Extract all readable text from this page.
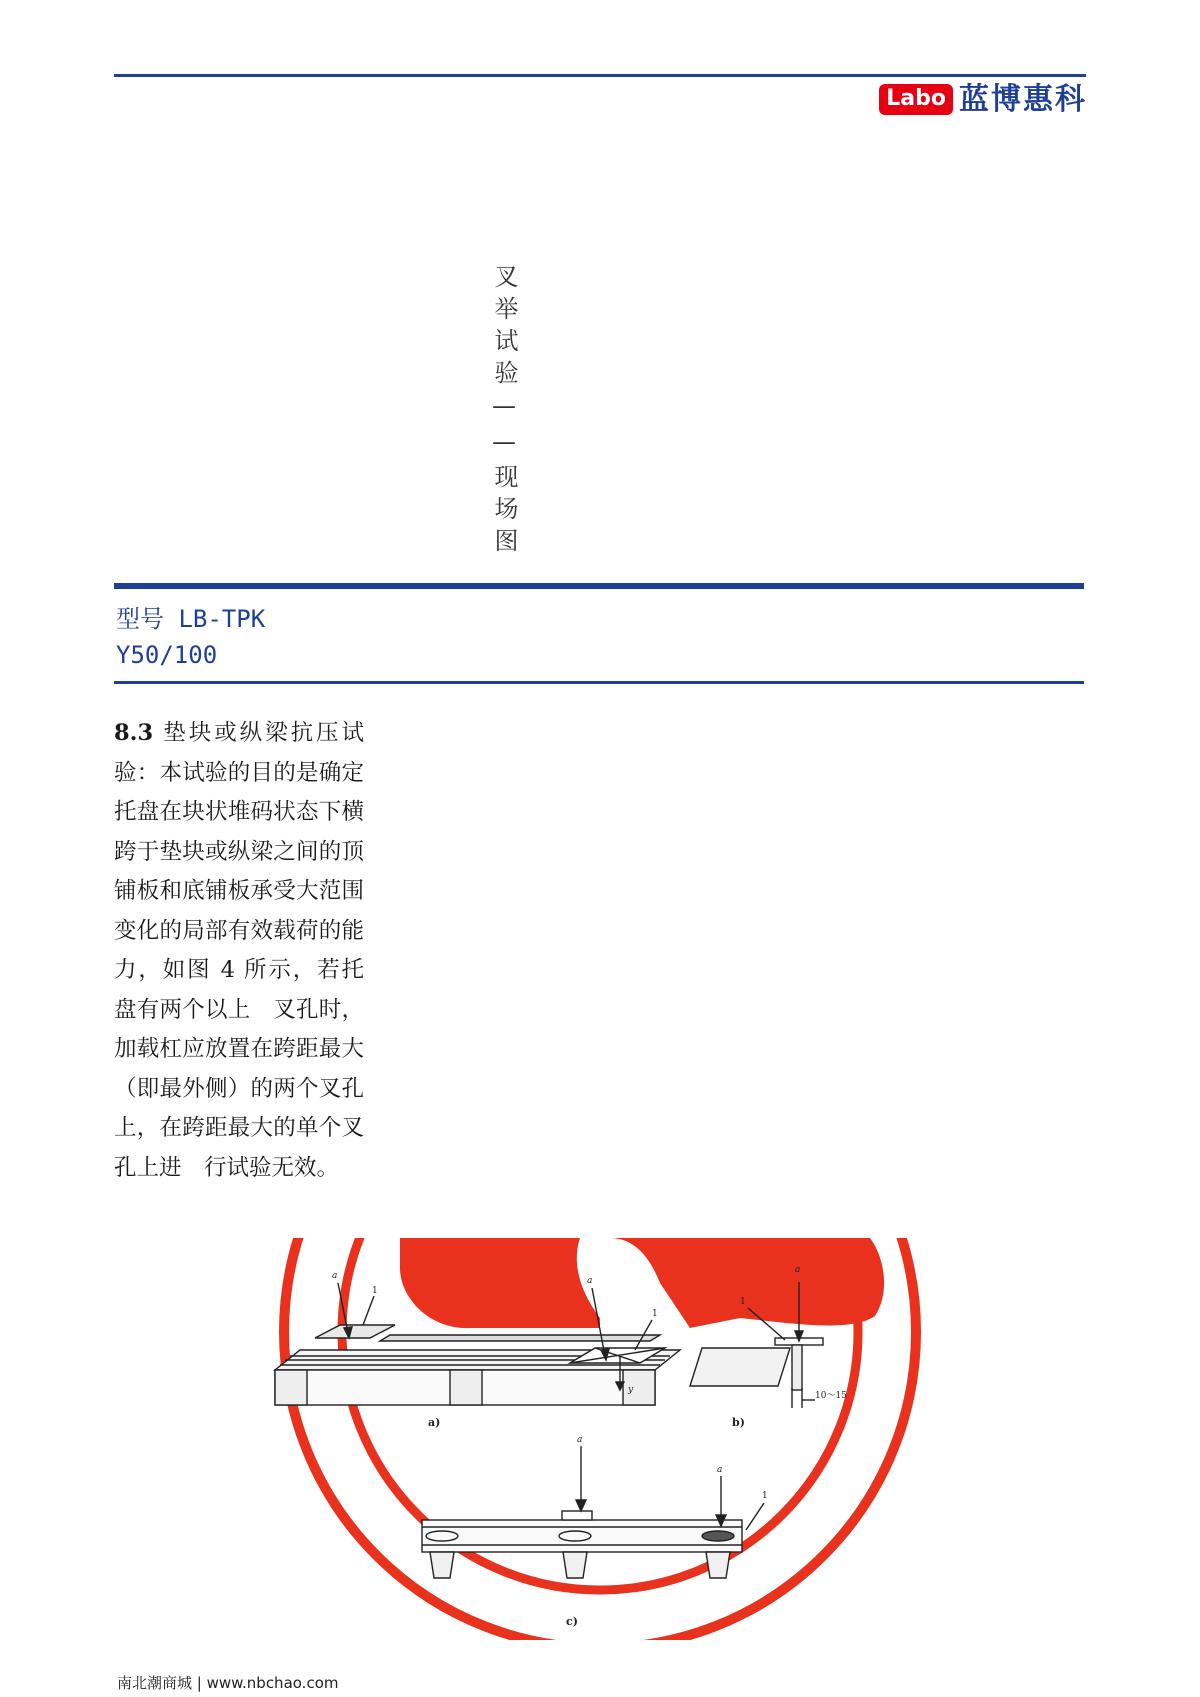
Labo 蓝博惠科
叉举试验——现场图
型号 LB-TPKY50/100
8.3 垫块或纵梁抗压试验：本试验的目的是确定托盘在块状堆码状态下横跨于垫块或纵梁之间的顶铺板和底铺板承受大范围变化的局部有效载荷的能力，如图 4 所示，若托盘有两个以上　叉孔时，加载杠应放置在跨距最大（即最外侧）的两个叉孔上，在跨距最大的单个叉孔上进　行试验无效。
a
1
a
1
y
a)
a
1
10～15
b)
a
a
1
c)
南北潮商城 | www.nbchao.com
